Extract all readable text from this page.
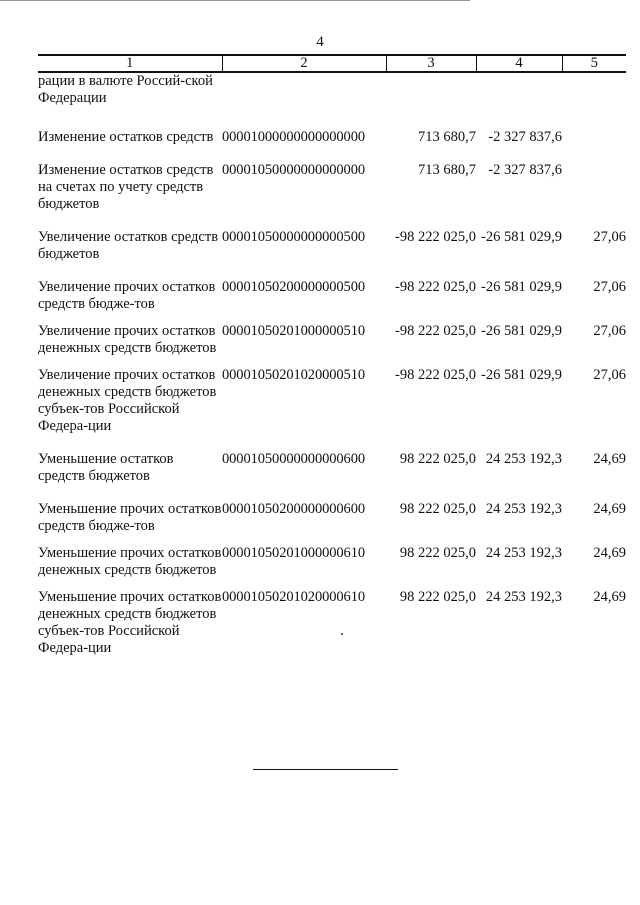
4
1	2	3	4	5
рации в валюте Россий-ской Федерации				
Изменение остатков средств	00001000000000000000	713 680,7	-2 327 837,6	
Изменение остатков средств на счетах по учету средств бюджетов	00001050000000000000	713 680,7	-2 327 837,6	
Увеличение остатков средств бюджетов	00001050000000000500	-98 222 025,0	-26 581 029,9	27,06
Увеличение прочих остатков средств бюдже-тов	00001050200000000500	-98 222 025,0	-26 581 029,9	27,06
Увеличение прочих остатков денежных средств бюджетов	00001050201000000510	-98 222 025,0	-26 581 029,9	27,06
Увеличение прочих остатков денежных средств бюджетов субъек-тов Российской Федера-ции	00001050201020000510	-98 222 025,0	-26 581 029,9	27,06
Уменьшение остатков средств бюджетов	00001050000000000600	98 222 025,0	24 253 192,3	24,69
Уменьшение прочих остатков средств бюдже-тов	00001050200000000600	98 222 025,0	24 253 192,3	24,69
Уменьшение прочих остатков денежных средств бюджетов	00001050201000000610	98 222 025,0	24 253 192,3	24,69
Уменьшение прочих остатков денежных средств бюджетов субъек-тов Российской Федера-ции	00001050201020000610	98 222 025,0	24 253 192,3	24,69
